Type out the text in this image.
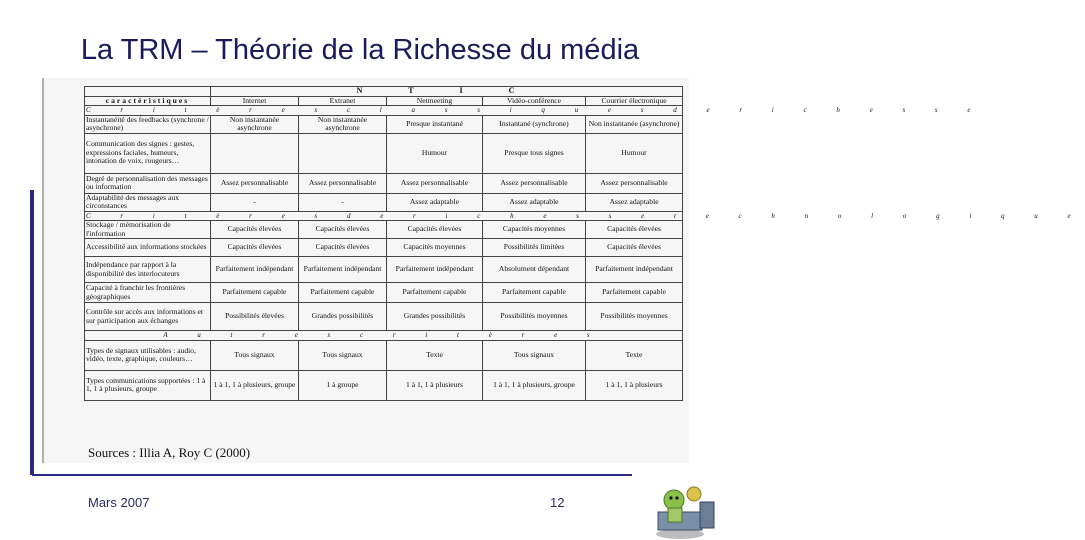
La TRM – Théorie de la Richesse du média
	N T I C				
caractéristiques	Internet	Extranet	Netmeeting	Vidéo-conférence	Courrier électronique
C r i t è r e s c l a s s i q u e s d e r i c h e s s e					
Instantanéité des feedbacks (synchrone / asynchrone)	Non instantanée asynchrone	Non instantanée asynchrone	Presque instantané	Instantané (synchrone)	Non instantanée (asynchrone)
Communication des signes : gestes, expressions faciales, humeurs, intonation de voix, rougeurs…			Humour	Presque tous signes	Humour
Degré de personnalisation des messages ou information	Assez personnalisable	Assez personnalisable	Assez personnalisable	Assez personnalisable	Assez personnalisable
Adaptabilité des messages aux circonstances	-	-	Assez adaptable	Assez adaptable	Assez adaptable
C r i t è r e s d e r i c h e s s e t e c h n o l o g i q u e					
Stockage / mémorisation de l'information	Capacités élevées	Capacités élevées	Capacités élevées	Capacités moyennes	Capacités élevées
Accessibilité aux informations stockées	Capacités élevées	Capacités élevées	Capacités moyennes	Possibilités limitées	Capacités élevées
Indépendance par rapport à la disponibilité des interlocuteurs	Parfaitement indépendant	Parfaitement indépendant	Parfaitement indépendant	Absolument dépendant	Parfaitement indépendant
Capacité à franchir les frontières géographiques	Parfaitement capable	Parfaitement capable	Parfaitement capable	Parfaitement capable	Parfaitement capable
Contrôle sur accès aux informations et sur participation aux échanges	Possibilités élevées	Grandes possibilités	Grandes possibilités	Possibilités moyennes	Possibilités moyennes
A u t r e s c r i t è r e s					
Types de signaux utilisables : audio, vidéo, texte, graphique, couleurs…	Tous signaux	Tous signaux	Texte	Tous signaux	Texte
Types communications supportées : 1 à 1, 1 à plusieurs, groupe	1 à 1, 1 à plusieurs, groupe	1 à groupe	1 à 1, 1 à plusieurs	1 à 1, 1 à plusieurs, groupe	1 à 1, 1 à plusieurs
Sources : Illia A, Roy C (2000)
Mars 2007	12
